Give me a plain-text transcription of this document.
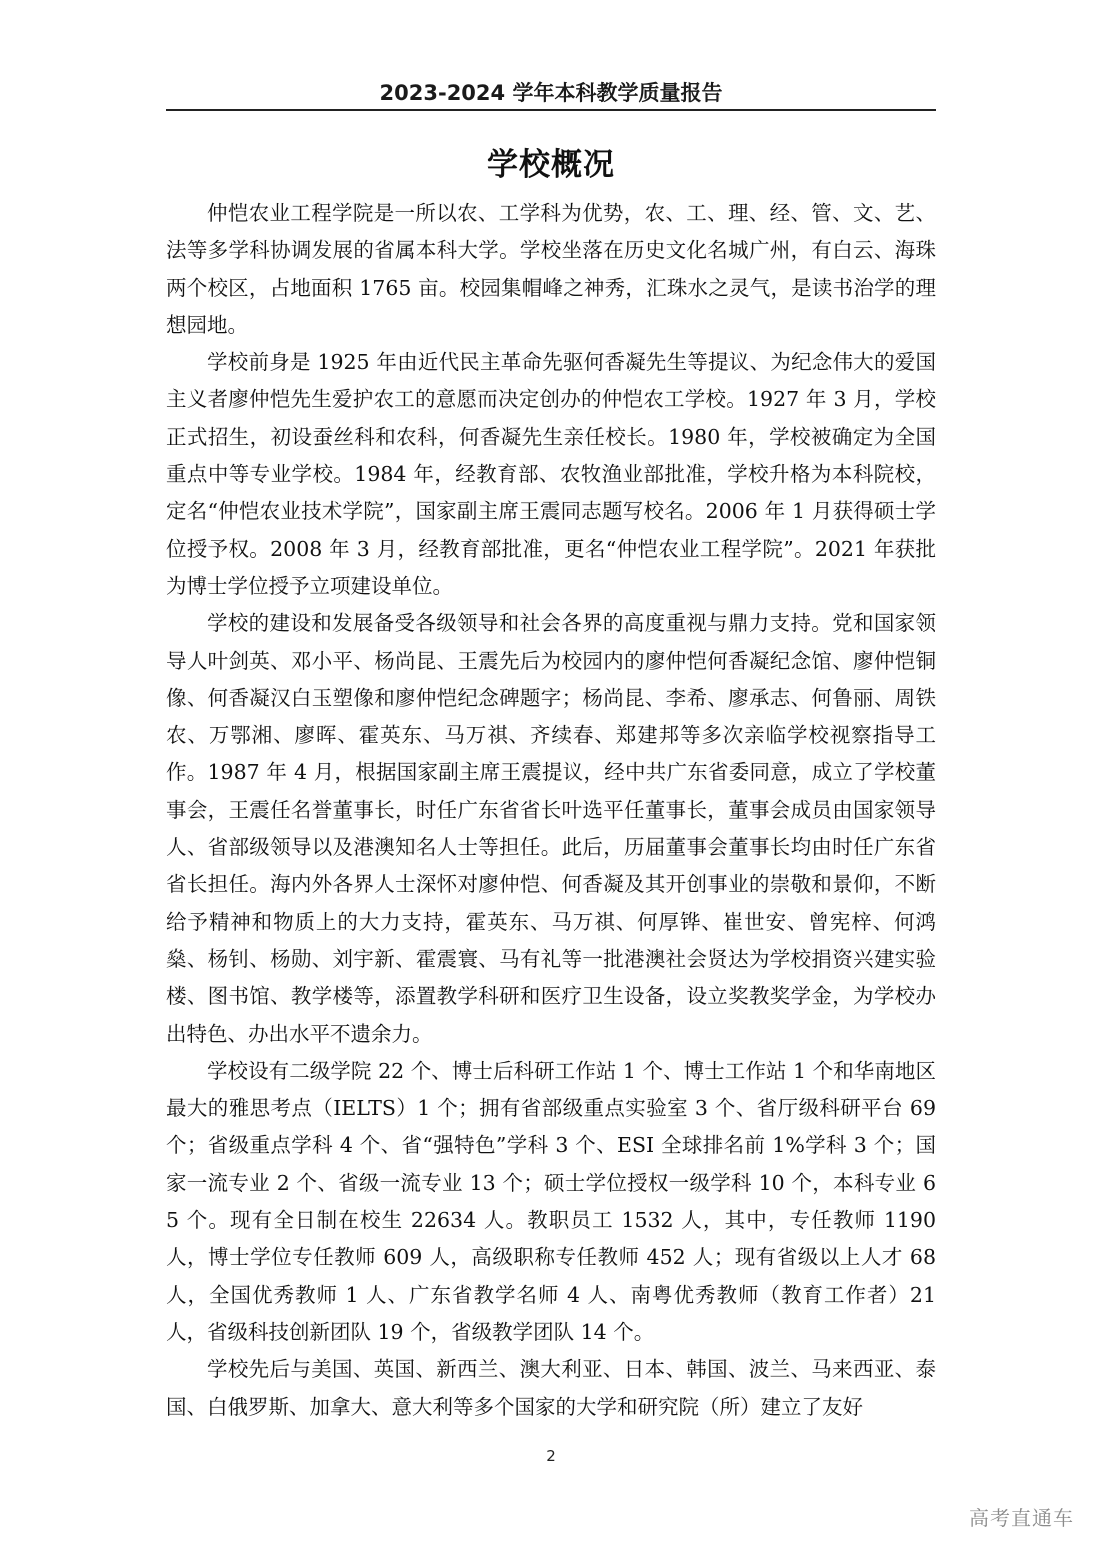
2023-2024 学年本科教学质量报告
学校概况

仲恺农业工程学院是一所以农、工学科为优势，农、工、理、经、管、文、艺、法等多学科协调发展的省属本科大学。学校坐落在历史文化名城广州，有白云、海珠两个校区，占地面积 1765 亩。校园集帽峰之神秀，汇珠水之灵气，是读书治学的理想园地。

学校前身是 1925 年由近代民主革命先驱何香凝先生等提议、为纪念伟大的爱国主义者廖仲恺先生爱护农工的意愿而决定创办的仲恺农工学校。1927 年 3 月，学校正式招生，初设蚕丝科和农科，何香凝先生亲任校长。1980 年，学校被确定为全国重点中等专业学校。1984 年，经教育部、农牧渔业部批准，学校升格为本科院校，定名“仲恺农业技术学院”，国家副主席王震同志题写校名。2006 年 1 月获得硕士学位授予权。2008 年 3 月，经教育部批准，更名“仲恺农业工程学院”。2021 年获批为博士学位授予立项建设单位。

学校的建设和发展备受各级领导和社会各界的高度重视与鼎力支持。党和国家领导人叶剑英、邓小平、杨尚昆、王震先后为校园内的廖仲恺何香凝纪念馆、廖仲恺铜像、何香凝汉白玉塑像和廖仲恺纪念碑题字；杨尚昆、李希、廖承志、何鲁丽、周铁农、万鄂湘、廖晖、霍英东、马万祺、齐续春、郑建邦等多次亲临学校视察指导工作。1987 年 4 月，根据国家副主席王震提议，经中共广东省委同意，成立了学校董事会，王震任名誉董事长，时任广东省省长叶选平任董事长，董事会成员由国家领导人、省部级领导以及港澳知名人士等担任。此后，历届董事会董事长均由时任广东省省长担任。海内外各界人士深怀对廖仲恺、何香凝及其开创事业的崇敬和景仰，不断给予精神和物质上的大力支持，霍英东、马万祺、何厚铧、崔世安、曾宪梓、何鸿燊、杨钊、杨勋、刘宇新、霍震寰、马有礼等一批港澳社会贤达为学校捐资兴建实验楼、图书馆、教学楼等，添置教学科研和医疗卫生设备，设立奖教奖学金，为学校办出特色、办出水平不遗余力。

学校设有二级学院 22 个、博士后科研工作站 1 个、博士工作站 1 个和华南地区最大的雅思考点（IELTS）1 个；拥有省部级重点实验室 3 个、省厅级科研平台 69 个；省级重点学科 4 个、省“强特色”学科 3 个、ESI 全球排名前 1%学科 3 个；国家一流专业 2 个、省级一流专业 13 个；硕士学位授权一级学科 10 个，本科专业 65 个。现有全日制在校生 22634 人。教职员工 1532 人，其中，专任教师 1190 人，博士学位专任教师 609 人，高级职称专任教师 452 人；现有省级以上人才 68 人，全国优秀教师 1 人、广东省教学名师 4 人、南粤优秀教师（教育工作者）21 人，省级科技创新团队 19 个，省级教学团队 14 个。

学校先后与美国、英国、新西兰、澳大利亚、日本、韩国、波兰、马来西亚、泰国、白俄罗斯、加拿大、意大利等多个国家的大学和研究院（所）建立了友好

2
高考直通车
